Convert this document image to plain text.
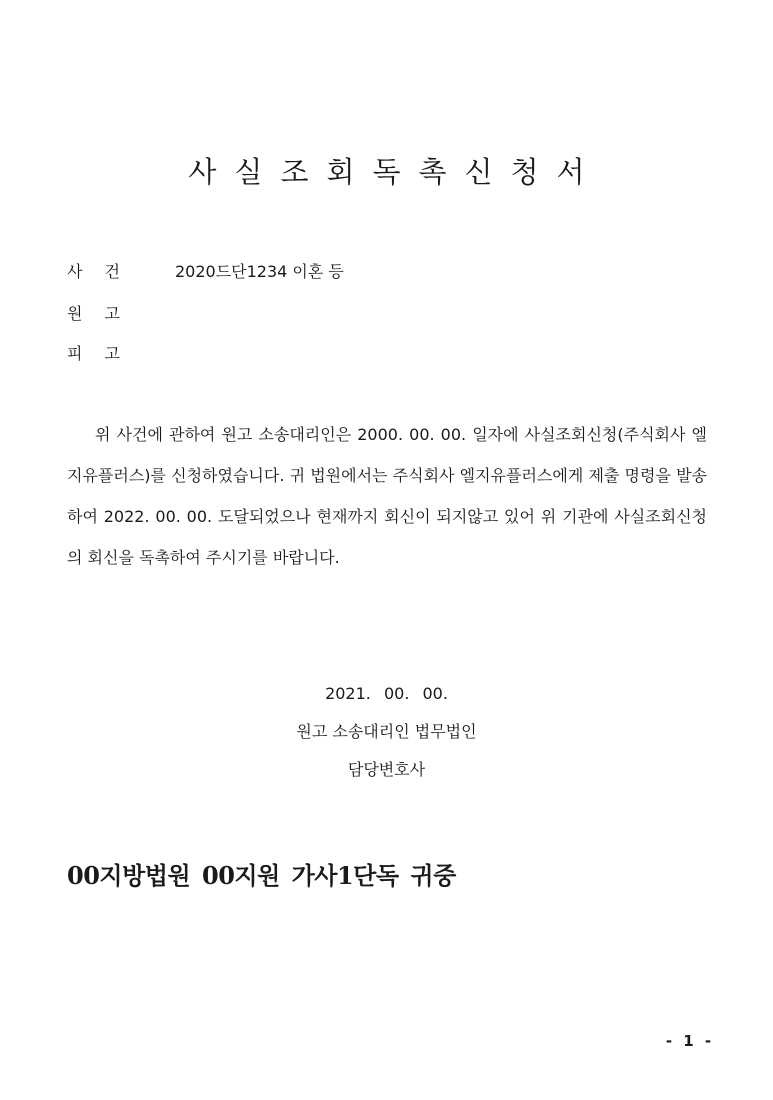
사실조회독촉신청서
사건 2020드단1234 이혼 등
원고
피고

위 사건에 관하여 원고 소송대리인은 2000. 00. 00. 일자에 사실조회신청(주식회사 엘지유플러스)를 신청하였습니다. 귀 법원에서는 주식회사 엘지유플러스에게 제출 명령을 발송하여 2022. 00. 00. 도달되었으나 현재까지 회신이 되지않고 있어 위 기관에 사실조회신청의 회신을 독촉하여 주시기를 바랍니다.

2021. 00. 00.
원고 소송대리인 법무법인
담당변호사
00지방법원 00지원 가사1단독 귀중
- 1 -
